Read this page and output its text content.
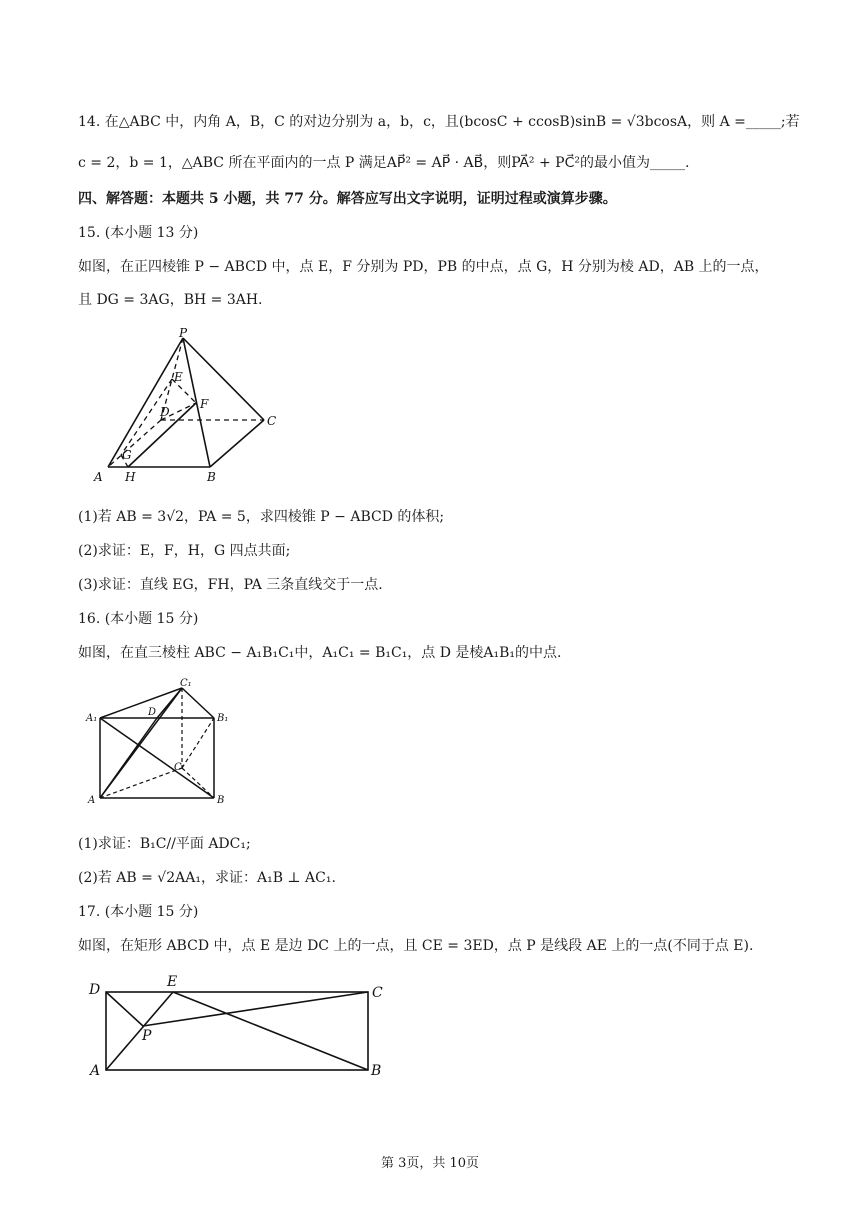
14. 在△ABC 中，内角 A，B，C 的对边分别为 a，b，c，且(bcosC + ccosB)sinB = √3bcosA，则 A =_____;若
c = 2，b = 1，△ABC 所在平面内的一点 P 满足AP⃗² = AP⃗ · AB⃗，则PA⃗² + PC⃗²的最小值为_____.
四、解答题：本题共 5 小题，共 77 分。解答应写出文字说明，证明过程或演算步骤。
15. (本小题 13 分)
如图，在正四棱锥 P − ABCD 中，点 E，F 分别为 PD，PB 的中点，点 G，H 分别为棱 AD，AB 上的一点，
且 DG = 3AG，BH = 3AH.
P
E
F
D
C
G
A H	B
(1)若 AB = 3√2，PA = 5，求四棱锥 P − ABCD 的体积;
(2)求证：E，F，H，G 四点共面;
(3)求证：直线 EG，FH，PA 三条直线交于一点.
16. (本小题 15 分)
如图，在直三棱柱 ABC − A₁B₁C₁中，A₁C₁ = B₁C₁，点 D 是棱A₁B₁的中点.
C₁
A₁
D
B₁
C
A	B
(1)求证：B₁C//平面 ADC₁;
(2)若 AB = √2AA₁，求证：A₁B ⊥ AC₁.
17. (本小题 15 分)
如图，在矩形 ABCD 中，点 E 是边 DC 上的一点，且 CE = 3ED，点 P 是线段 AE 上的一点(不同于点 E).
D	E
C
P
A	B
第 3页，共 10页
